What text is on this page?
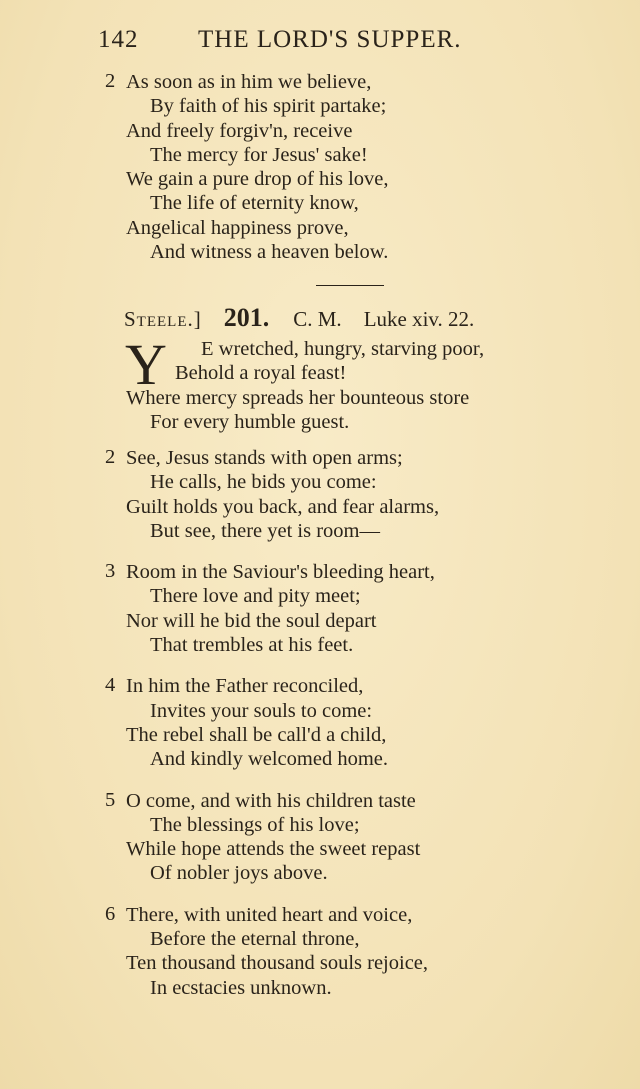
142 THE LORD'S SUPPER.
2 As soon as in him we believe,
By faith of his spirit partake;
And freely forgiv'n, receive
The mercy for Jesus' sake!
We gain a pure drop of his love,
The life of eternity know,
Angelical happiness prove,
And witness a heaven below.
Steele.] 201. C. M. Luke xiv. 22.
Y	E wretched, hungry, starving poor,
Behold a royal feast!
Where mercy spreads her bounteous store
For every humble guest.
2 See, Jesus stands with open arms;
He calls, he bids you come:
Guilt holds you back, and fear alarms,
But see, there yet is room—
3 Room in the Saviour's bleeding heart,
There love and pity meet;
Nor will he bid the soul depart
That trembles at his feet.
4 In him the Father reconciled,
Invites your souls to come:
The rebel shall be call'd a child,
And kindly welcomed home.
5 O come, and with his children taste
The blessings of his love;
While hope attends the sweet repast
Of nobler joys above.
6 There, with united heart and voice,
Before the eternal throne,
Ten thousand thousand souls rejoice,
In ecstacies unknown.
